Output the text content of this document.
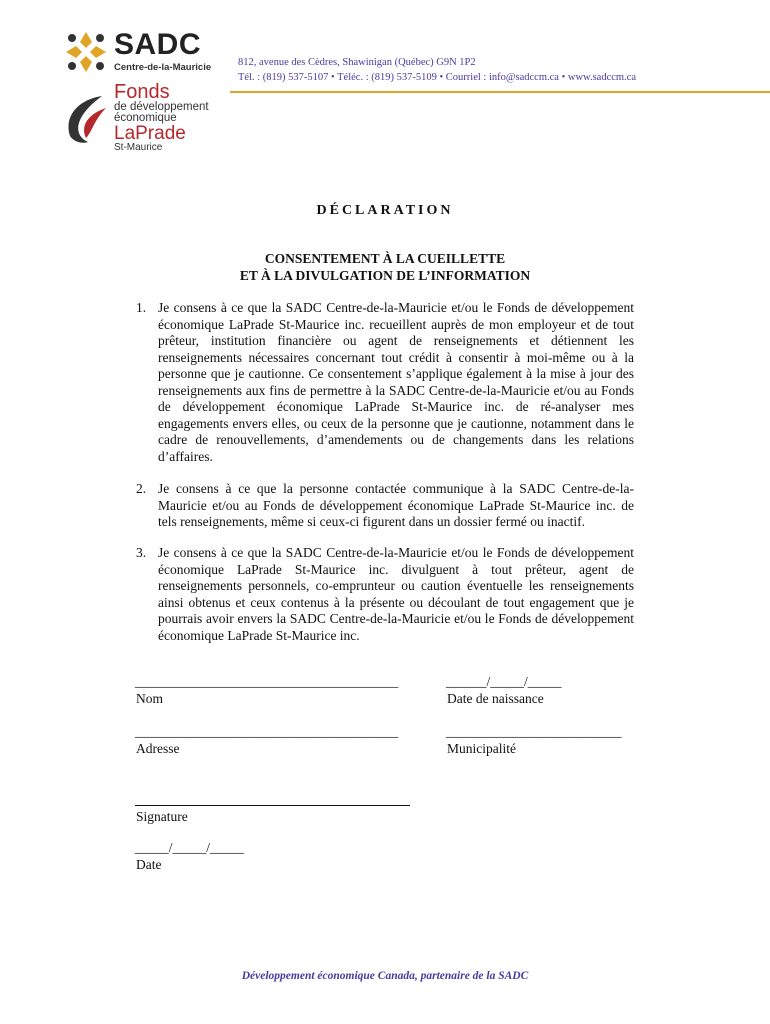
SADC
Centre-de-la-Mauricie
Fonds
de développement
économique
LaPrade
St-Maurice
812, avenue des Cèdres, Shawinigan (Québec) G9N 1P2
Tél. : (819) 537-5107 • Téléc. : (819) 537-5109 • Courriel : info@sadccm.ca • www.sadccm.ca
DÉCLARATION
CONSENTEMENT À LA CUEILLETTE
ET À LA DIVULGATION DE L’INFORMATION
1. Je consens à ce que la SADC Centre-de-la-Mauricie et/ou le Fonds de développement économique LaPrade St-Maurice inc. recueillent auprès de mon employeur et de tout prêteur, institution financière ou agent de renseignements et détiennent les renseignements nécessaires concernant tout crédit à consentir à moi-même ou à la personne que je cautionne. Ce consentement s’applique également à la mise à jour des renseignements aux fins de permettre à la SADC Centre-de-la-Mauricie et/ou au Fonds de développement économique LaPrade St-Maurice inc. de ré-analyser mes engagements envers elles, ou ceux de la personne que je cautionne, notamment dans le cadre de renouvellements, d’amendements ou de changements dans les relations d’affaires.
2. Je consens à ce que la personne contactée communique à la SADC Centre-de-la-Mauricie et/ou au Fonds de développement économique LaPrade St-Maurice inc. de tels renseignements, même si ceux-ci figurent dans un dossier fermé ou inactif.
3. Je consens à ce que la SADC Centre-de-la-Mauricie et/ou le Fonds de développement économique LaPrade St-Maurice inc. divulguent à tout prêteur, agent de renseignements personnels, co-emprunteur ou caution éventuelle les renseignements ainsi obtenus et ceux contenus à la présente ou découlant de tout engagement que je pourrais avoir envers la SADC Centre-de-la-Mauricie et/ou le Fonds de développement économique LaPrade St-Maurice inc.
_______________________________________
Nom
______/_____/_____
Date de naissance
_______________________________________
Adresse
__________________________
Municipalité
Signature
_____/_____/_____
Date
Développement économique Canada, partenaire de la SADC
